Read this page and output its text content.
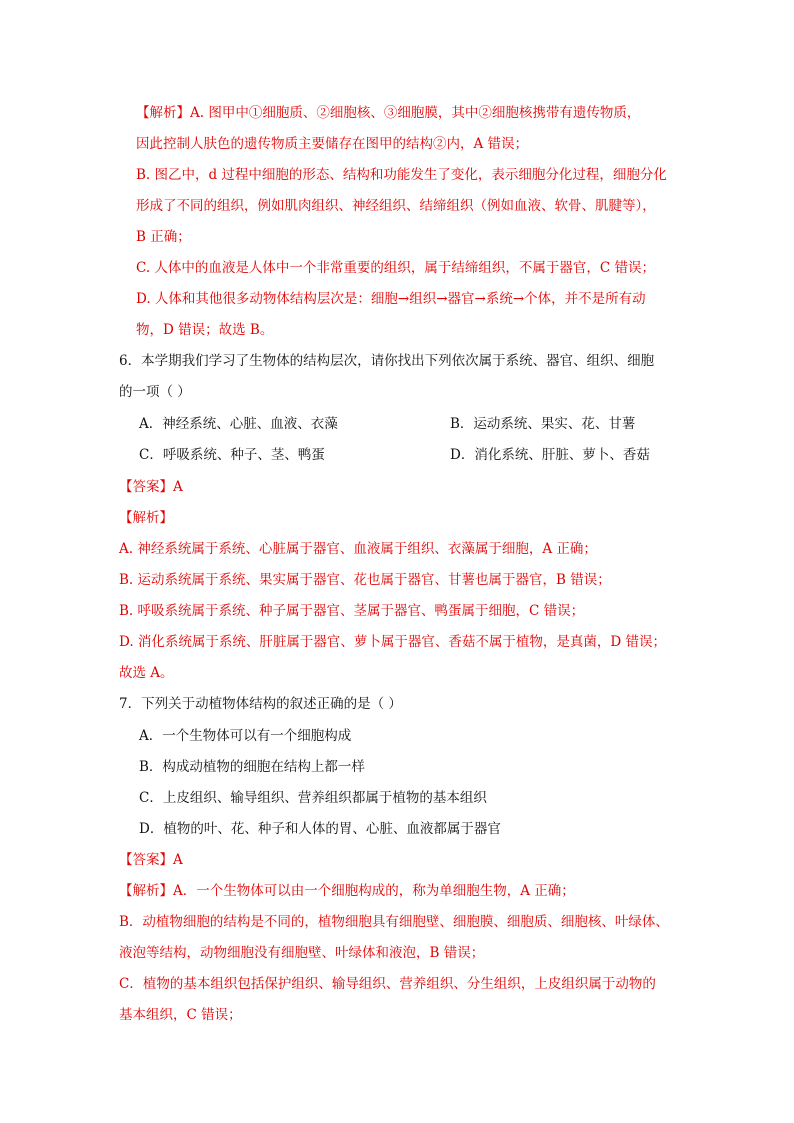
【解析】A. 图甲中①细胞质、②细胞核、③细胞膜，其中②细胞核携带有遗传物质，
因此控制人肤色的遗传物质主要储存在图甲的结构②内，A 错误；
B. 图乙中，d 过程中细胞的形态、结构和功能发生了变化，表示细胞分化过程，细胞分化
形成了不同的组织，例如肌肉组织、神经组织、结缔组织（例如血液、软骨、肌腱等），
B 正确；
C. 人体中的血液是人体中一个非常重要的组织，属于结缔组织，不属于器官，C 错误；
D. 人体和其他很多动物体结构层次是：细胞→组织→器官→系统→个体，并不是所有动
物，D 错误；故选 B。
6．本学期我们学习了生物体的结构层次，请你找出下列依次属于系统、器官、组织、细胞
的一项（ ）
A．神经系统、心脏、血液、衣藻	B．运动系统、果实、花、甘薯
C．呼吸系统、种子、茎、鸭蛋	D．消化系统、肝脏、萝卜、香菇
【答案】A
【解析】
A. 神经系统属于系统、心脏属于器官、血液属于组织、衣藻属于细胞，A 正确；
B. 运动系统属于系统、果实属于器官、花也属于器官、甘薯也属于器官，B 错误；
B. 呼吸系统属于系统、种子属于器官、茎属于器官、鸭蛋属于细胞，C 错误；
D. 消化系统属于系统、肝脏属于器官、萝卜属于器官、香菇不属于植物，是真菌，D 错误；
故选 A。
7．下列关于动植物体结构的叙述正确的是（ ）
A．一个生物体可以有一个细胞构成
B．构成动植物的细胞在结构上都一样
C．上皮组织、输导组织、营养组织都属于植物的基本组织
D．植物的叶、花、种子和人体的胃、心脏、血液都属于器官
【答案】A
【解析】A．一个生物体可以由一个细胞构成的，称为单细胞生物，A 正确；
B．动植物细胞的结构是不同的，植物细胞具有细胞壁、细胞膜、细胞质、细胞核、叶绿体、
液泡等结构，动物细胞没有细胞壁、叶绿体和液泡，B 错误；
C．植物的基本组织包括保护组织、输导组织、营养组织、分生组织，上皮组织属于动物的
基本组织，C 错误；
